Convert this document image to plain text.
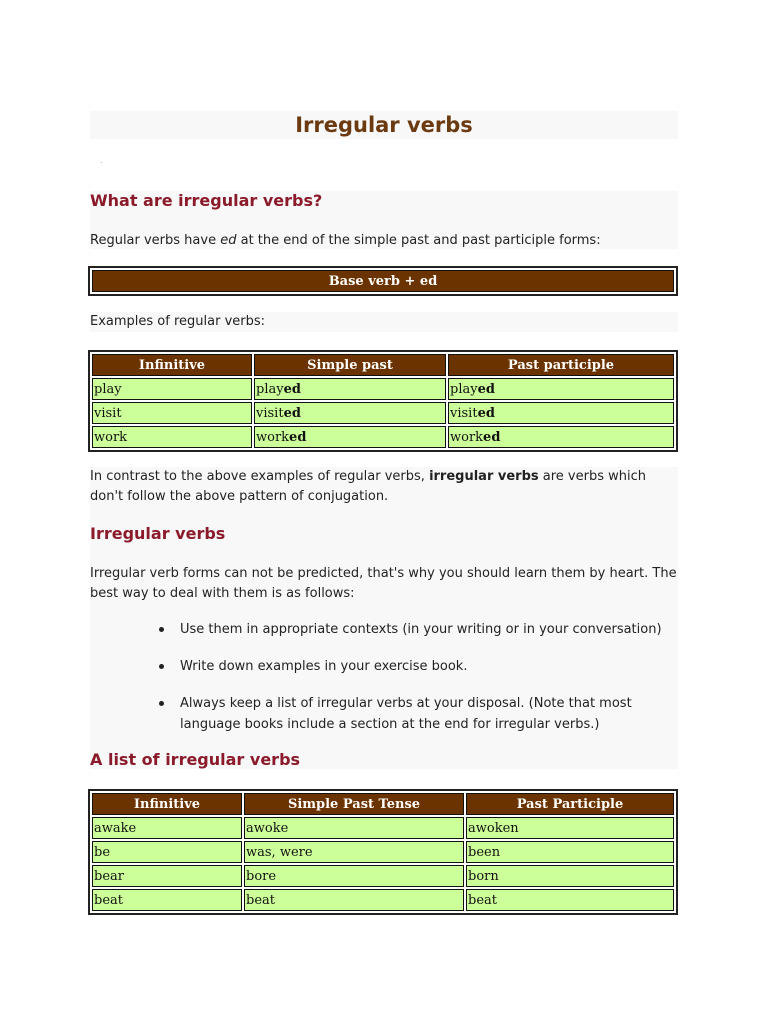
Irregular verbs
.
What are irregular verbs?

Regular verbs have ed at the end of the simple past and past participle forms:

Base verb + ed

Examples of regular verbs:

Infinitive	Simple past	Past participle
play	played	played
visit	visited	visited
work	worked	worked

In contrast to the above examples of regular verbs, irregular verbs are verbs which don't follow the above pattern of conjugation.

Irregular verbs

Irregular verb forms can not be predicted, that's why you should learn them by heart. The best way to deal with them is as follows:

Use them in appropriate contexts (in your writing or in your conversation)
Write down examples in your exercise book.
Always keep a list of irregular verbs at your disposal. (Note that most language books include a section at the end for irregular verbs.)
A list of irregular verbs
Infinitive	Simple Past Tense	Past Participle
awake	awoke	awoken
be	was, were	been
bear	bore	born
beat	beat	beat
